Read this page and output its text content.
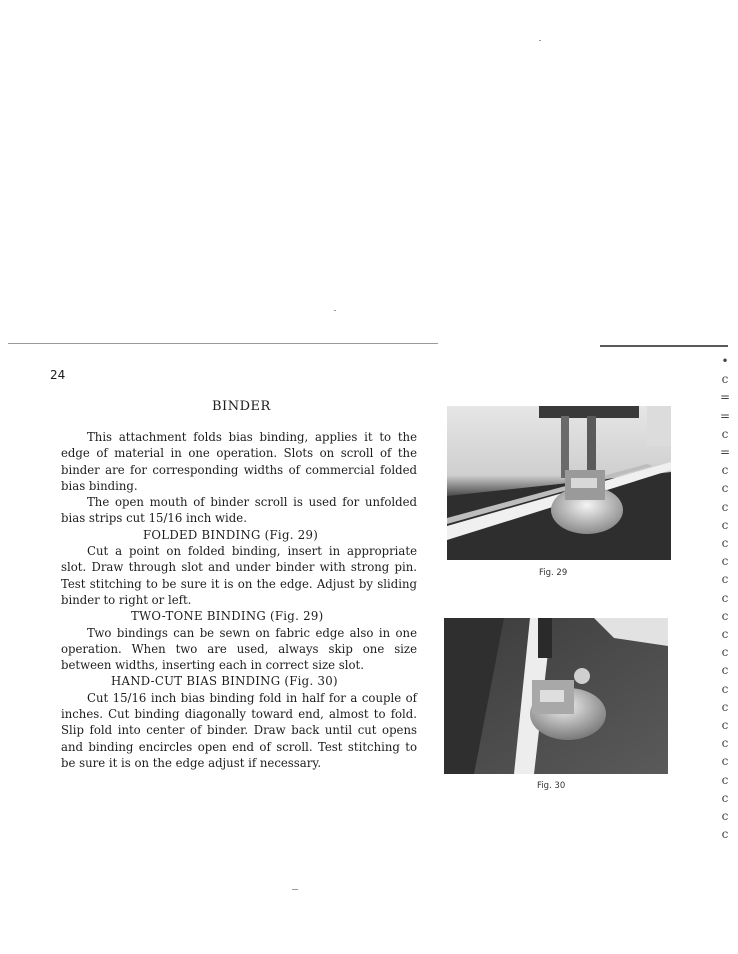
24
BINDER

This attachment folds bias binding, applies it to the edge of material in one operation. Slots on scroll of the binder are for corresponding widths of commercial folded bias binding.

The open mouth of binder scroll is used for unfolded bias strips cut 15/16 inch wide.

FOLDED BINDING (Fig. 29)

Cut a point on folded binding, insert in appropriate slot. Draw through slot and under binder with strong pin. Test stitching to be sure it is on the edge. Adjust by sliding binder to right or left.

TWO-TONE BINDING (Fig. 29)

Two bindings can be sewn on fabric edge also in one operation. When two are used, always skip one size between widths, inserting each in correct size slot.

HAND-CUT BIAS BINDING (Fig. 30)

Cut 15/16 inch bias binding fold in half for a couple of inches. Cut binding diagonally toward end, almost to fold. Slip fold into center of binder. Draw back until cut opens and binding encircles open end of scroll. Test stitching to be sure it is on the edge adjust if necessary.

Fig. 29
Fig. 30
•
c
=
=
c
=
c
c
c
c
c
c
c
c
c
c
c
c
c
c
c
c
c
c
c
c
c
